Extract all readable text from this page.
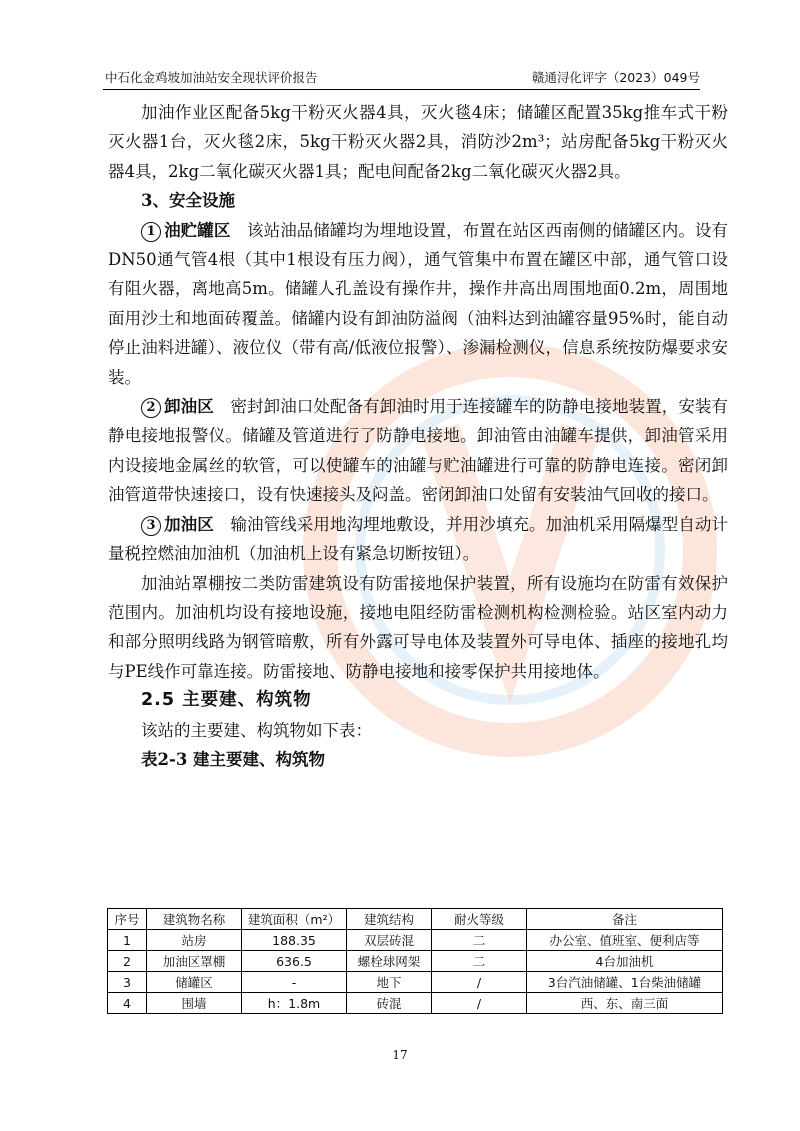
中石化金鸡坡加油站安全现状评价报告	赣通浔化评字（2023）049号

加油作业区配备5kg干粉灭火器4具，灭火毯4床；储罐区配置35kg推车式干粉灭火器1台，灭火毯2床，5kg干粉灭火器2具，消防沙2m³；站房配备5kg干粉灭火器4具，2kg二氧化碳灭火器1具；配电间配备2kg二氧化碳灭火器2具。

3、安全设施

1 油贮罐区　该站油品储罐均为埋地设置，布置在站区西南侧的储罐区内。设有DN50通气管4根（其中1根设有压力阀），通气管集中布置在罐区中部，通气管口设有阻火器，离地高5m。储罐人孔盖设有操作井，操作井高出周围地面0.2m，周围地面用沙土和地面砖覆盖。储罐内设有卸油防溢阀（油料达到油罐容量95%时，能自动停止油料进罐）、液位仪（带有高/低液位报警）、渗漏检测仪，信息系统按防爆要求安装。

2 卸油区　密封卸油口处配备有卸油时用于连接罐车的防静电接地装置，安装有静电接地报警仪。储罐及管道进行了防静电接地。卸油管由油罐车提供，卸油管采用内设接地金属丝的软管，可以使罐车的油罐与贮油罐进行可靠的防静电连接。密闭卸油管道带快速接口，设有快速接头及闷盖。密闭卸油口处留有安装油气回收的接口。

3 加油区　输油管线采用地沟埋地敷设，并用沙填充。加油机采用隔爆型自动计量税控燃油加油机（加油机上设有紧急切断按钮）。

加油站罩棚按二类防雷建筑设有防雷接地保护装置，所有设施均在防雷有效保护范围内。加油机均设有接地设施，接地电阻经防雷检测机构检测检验。站区室内动力和部分照明线路为钢管暗敷，所有外露可导电体及装置外可导电体、插座的接地孔均与PE线作可靠连接。防雷接地、防静电接地和接零保护共用接地体。

2.5 主要建、构筑物

该站的主要建、构筑物如下表：

表2-3 建主要建、构筑物

序号	建筑物名称	建筑面积（m²）	建筑结构	耐火等级	备注
1	站房	188.35	双层砖混	二	办公室、值班室、便利店等
2	加油区罩棚	636.5	螺栓球网架	二	4台加油机
3	储罐区	-	地下	/	3台汽油储罐、1台柴油储罐
4	围墙	h：1.8m	砖混	/	西、东、南三面
17
